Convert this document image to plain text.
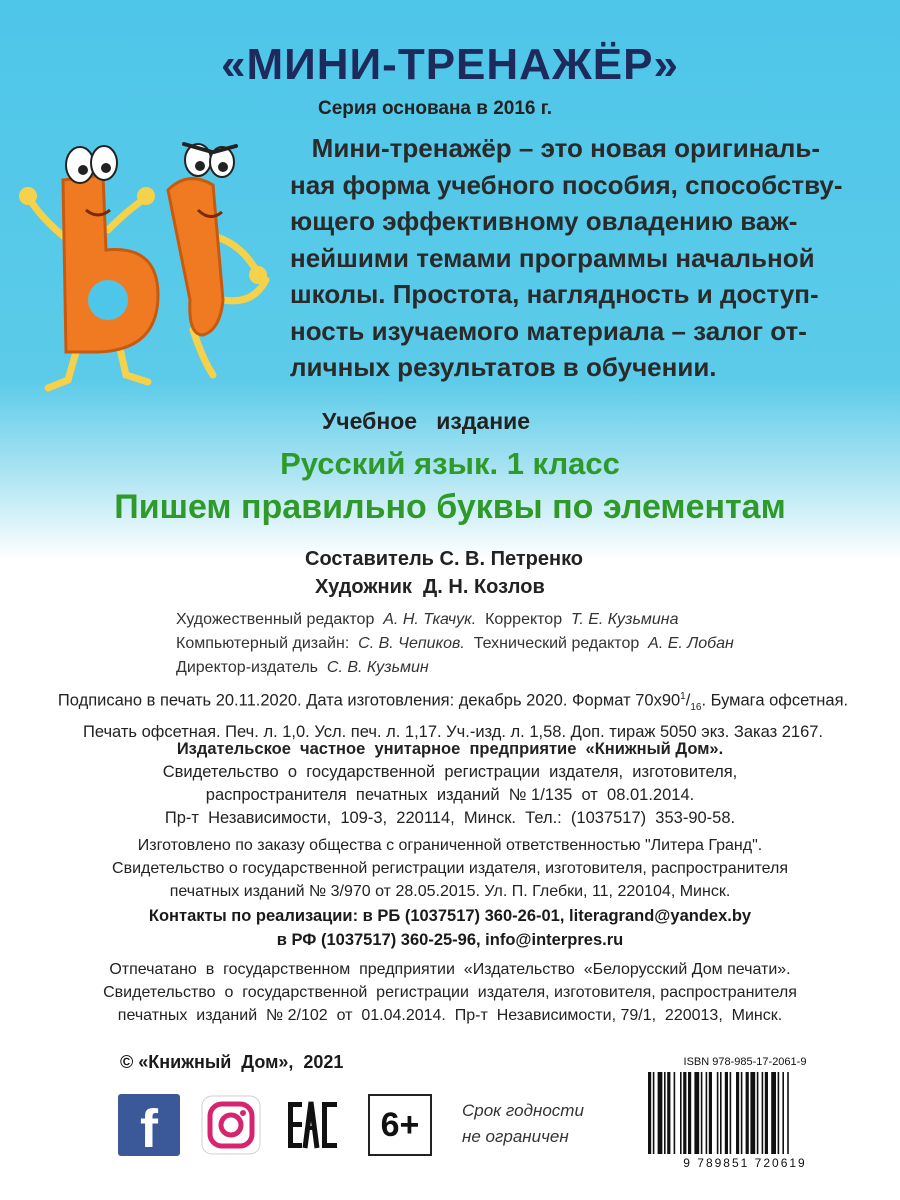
«МИНИ-ТРЕНАЖЁР»
Серия основана в 2016 г.
Мини-тренажёр – это новая оригиналь-
ная форма учебного пособия, способству-
ющего эффективному овладению важ-
нейшими темами программы начальной
школы. Простота, наглядность и доступ-
ность изучаемого материала – залог от-
личных результатов в обучении.
Учебное   издание
Русский язык. 1 класс
Пишем правильно буквы по элементам
Составитель С. В. Петренко
Художник  Д. Н. Козлов
Художественный редактор А. Н. Ткачук. Корректор Т. Е. Кузьмина
Компьютерный дизайн: С. В. Чепиков. Технический редактор А. Е. Лобан
Директор-издатель С. В. Кузьмин
Подписано в печать 20.11.2020. Дата изготовления: декабрь 2020. Формат $70х90^1/_{16}$. Бумага офсетная.
Печать офсетная. Печ. л. 1,0. Усл. печ. л. 1,17. Уч.-изд. л. 1,58. Доп. тираж 5050 экз. Заказ 2167.
Издательское  частное  унитарное  предприятие  «Книжный Дом».
Свидетельство  о  государственной  регистрации  издателя,  изготовителя,
распространителя  печатных  изданий  № 1/135  от  08.01.2014.
Пр-т  Независимости,  109-3,  220114,  Минск.  Тел.:  (1037517)  353-90-58.
Изготовлено по заказу общества с ограниченной ответственностью "Литера Гранд".
Свидетельство о государственной регистрации издателя, изготовителя, распространителя
печатных изданий № 3/970 от 28.05.2015. Ул. П. Глебки, 11, 220104, Минск.
Контакты по реализации: в РБ (1037517) 360-26-01, literagrand@yandex.by
в РФ (1037517) 360-25-96, info@interpres.ru
Отпечатано  в  государственном  предприятии  «Издательство  «Белорусский Дом печати».
Свидетельство  о  государственной  регистрации  издателя, изготовителя, распространителя
печатных  изданий  № 2/102  от  01.04.2014.  Пр-т  Независимости, 79/1,  220013,  Минск.
© «Книжный  Дом»,  2021
f	6+	Срок годности
не ограничен
ISBN 978-985-17-2061-9
9 789851 720619
